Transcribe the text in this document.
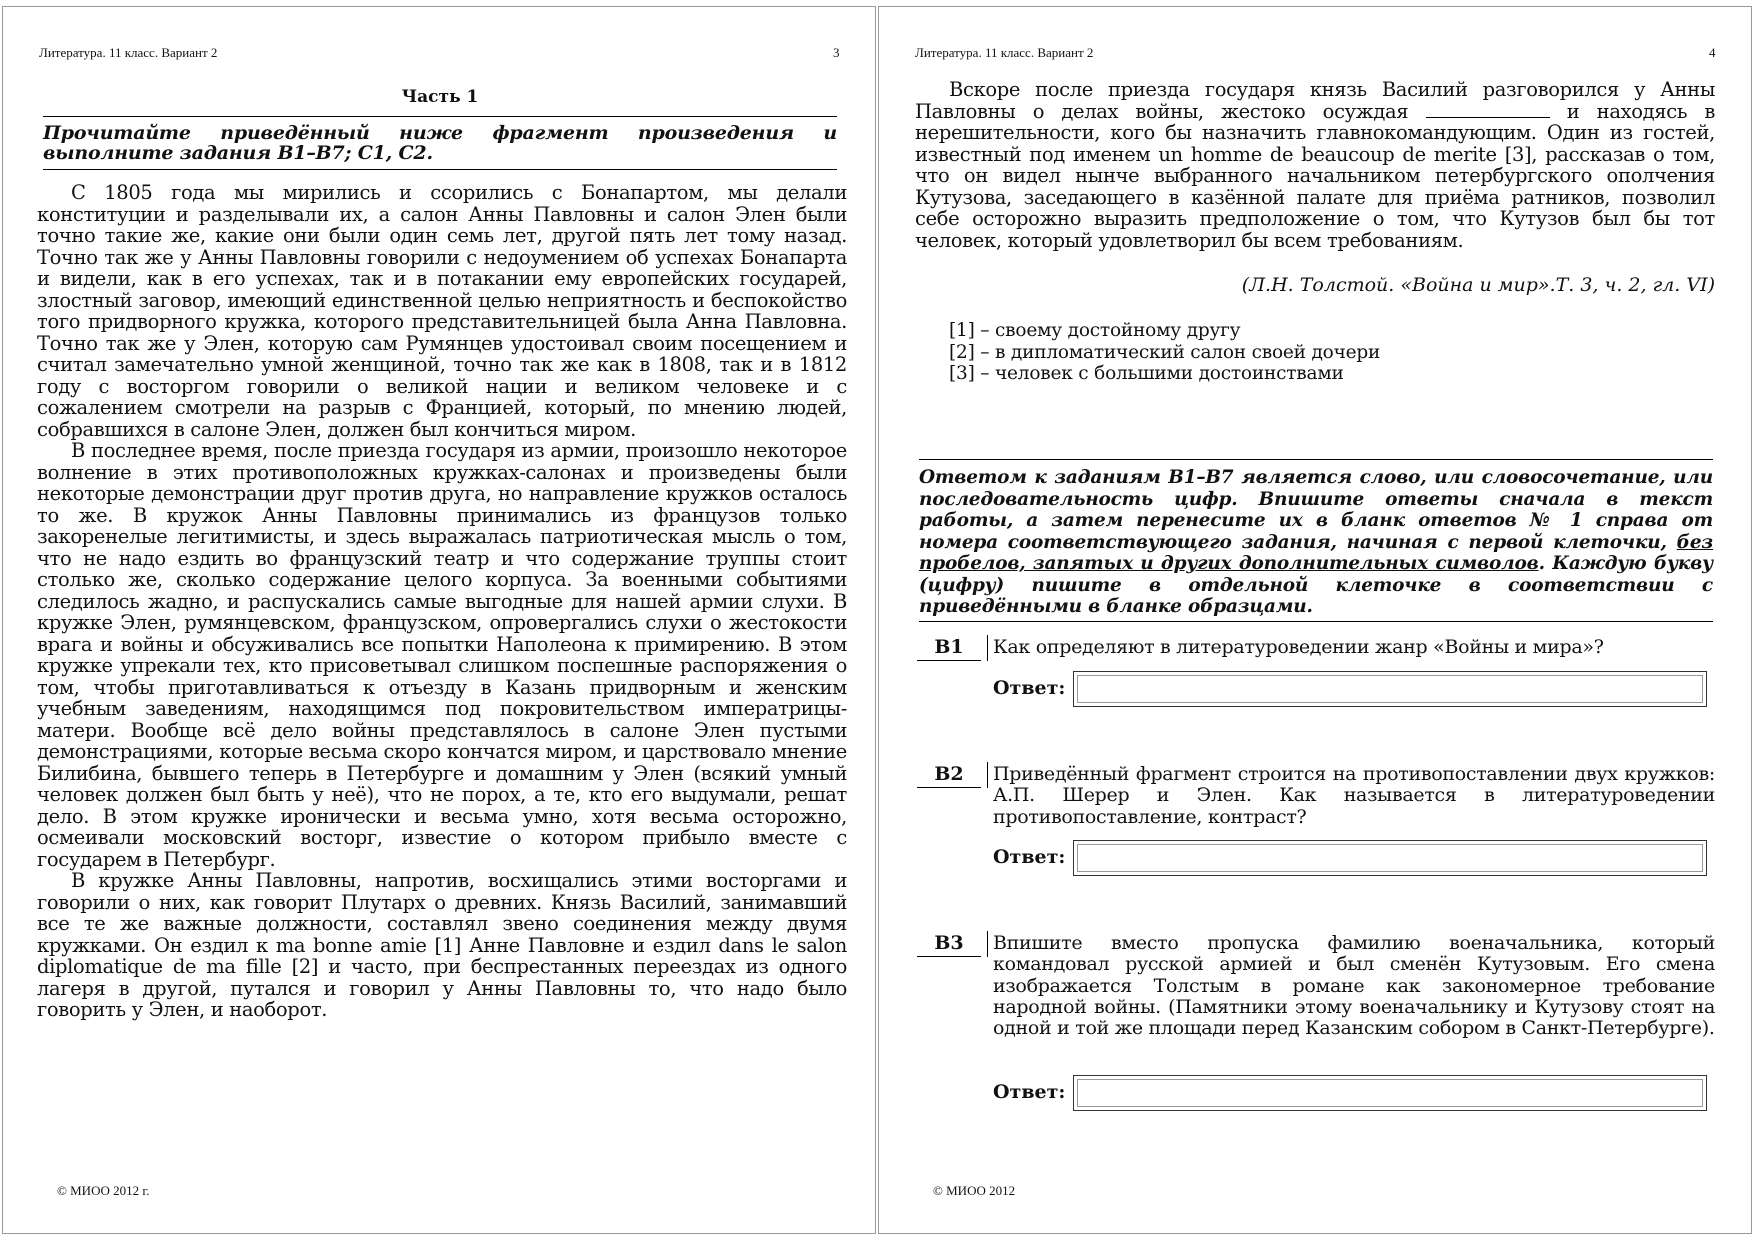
Литература. 11 класс. Вариант 2	3
Часть 1
Прочитайте приведённый ниже фрагмент произведения и выполните задания В1–В7; С1, С2.

С 1805 года мы мирились и ссорились с Бонапартом, мы делали конституции и разделывали их, а салон Анны Павловны и салон Элен были точно такие же, какие они были один семь лет, другой пять лет тому назад. Точно так же у Анны Павловны говорили с недоумением об успехах Бонапарта и видели, как в его успехах, так и в потакании ему европейских государей, злостный заговор, имеющий единственной целью неприятность и беспокойство того придворного кружка, которого представительницей была Анна Павловна. Точно так же у Элен, которую сам Румянцев удостоивал своим посещением и считал замечательно умной женщиной, точно так же как в 1808, так и в 1812 году с восторгом говорили о великой нации и великом человеке и с сожалением смотрели на разрыв с Францией, который, по мнению людей, собравшихся в салоне Элен, должен был кончиться миром.

В последнее время, после приезда государя из армии, произошло некоторое волнение в этих противоположных кружках-салонах и произведены были некоторые демонстрации друг против друга, но направление кружков осталось то же. В кружок Анны Павловны принимались из французов только закоренелые легитимисты, и здесь выражалась патриотическая мысль о том, что не надо ездить во французский театр и что содержание труппы стоит столько же, сколько содержание целого корпуса. За военными событиями следилось жадно, и распускались самые выгодные для нашей армии слухи. В кружке Элен, румянцевском, французском, опровергались слухи о жестокости врага и войны и обсуживались все попытки Наполеона к примирению. В этом кружке упрекали тех, кто присоветывал слишком поспешные распоряжения о том, чтобы приготавливаться к отъезду в Казань придворным и женским учебным заведениям, находящимся под покровительством императрицы-матери. Вообще всё дело войны представлялось в салоне Элен пустыми демонстрациями, которые весьма скоро кончатся миром, и царствовало мнение Билибина, бывшего теперь в Петербурге и домашним у Элен (всякий умный человек должен был быть у неё), что не порох, а те, кто его выдумали, решат дело. В этом кружке иронически и весьма умно, хотя весьма осторожно, осмеивали московский восторг, известие о котором прибыло вместе с государем в Петербург.

В кружке Анны Павловны, напротив, восхищались этими восторгами и говорили о них, как говорит Плутарх о древних. Князь Василий, занимавший все те же важные должности, составлял звено соединения между двумя кружками. Он ездил к ma bonne amie [1] Анне Павловне и ездил dans le salon diplomatique de ma fille [2] и часто, при беспрестанных переездах из одного лагеря в другой, путался и говорил у Анны Павловны то, что надо было говорить у Элен, и наоборот.

© МИОО 2012 г.
Литература. 11 класс. Вариант 2	4

Вскоре после приезда государя князь Василий разговорился у Анны Павловны о делах войны, жестоко осуждая	и находясь в нерешительности, кого бы назначить главнокомандующим. Один из гостей, известный под именем un homme de beaucoup de merite [3], рассказав о том, что он видел нынче выбранного начальником петербургского ополчения Кутузова, заседающего в казённой палате для приёма ратников, позволил себе осторожно выразить предположение о том, что Кутузов был бы тот человек, который удовлетворил бы всем требованиям.

(Л.Н. Толстой. «Война и мир».Т. 3, ч. 2, гл. VI)
[1] – своему достойному другу
[2] – в дипломатический салон своей дочери
[3] – человек с большими достоинствами
Ответом к заданиям В1–В7 является слово, или словосочетание, или последовательность цифр. Впишите ответы сначала в текст работы, а затем перенесите их в бланк ответов № 1 справа от номера соответствующего задания, начиная с первой клеточки, без пробелов, запятых и других дополнительных символов. Каждую букву (цифру) пишите в отдельной клеточке в соответствии с приведёнными в бланке образцами.
В1	Как определяют в литературоведении жанр «Войны и мира»?
Ответ:
В2	Приведённый фрагмент строится на противопоставлении двух кружков: А.П. Шерер и Элен. Как называется в литературоведении противопоставление, контраст?
Ответ:
В3	Впишите вместо пропуска фамилию военачальника, который командовал русской армией и был сменён Кутузовым. Его смена изображается Толстым в романе как закономерное требование народной войны. (Памятники этому военачальнику и Кутузову стоят на одной и той же площади перед Казанским собором в Санкт-Петербурге).
Ответ:
© МИОО 2012
